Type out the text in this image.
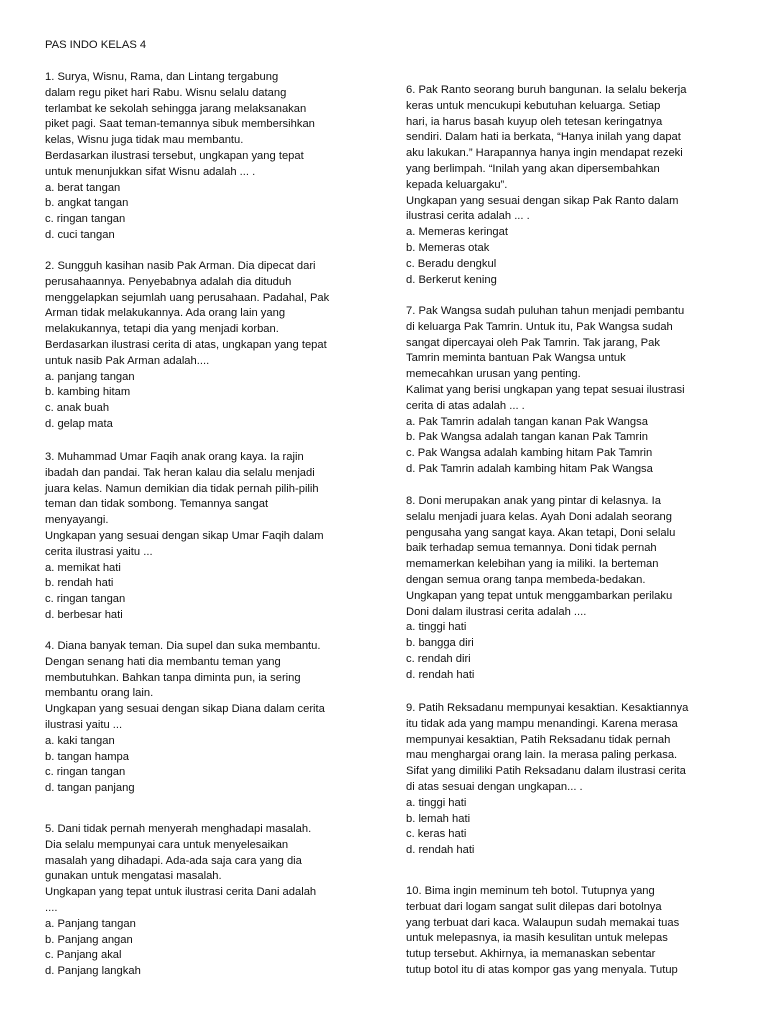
PAS INDO KELAS 4
1. Surya, Wisnu, Rama, dan Lintang tergabung
dalam regu piket hari Rabu. Wisnu selalu datang
terlambat ke sekolah sehingga jarang melaksanakan
piket pagi. Saat teman-temannya sibuk membersihkan
kelas, Wisnu juga tidak mau membantu.
Berdasarkan ilustrasi tersebut, ungkapan yang tepat
untuk menunjukkan sifat Wisnu adalah ... .
a. berat tangan
b. angkat tangan
c. ringan tangan
d. cuci tangan
2. Sungguh kasihan nasib Pak Arman. Dia dipecat dari
perusahaannya. Penyebabnya adalah dia dituduh
menggelapkan sejumlah uang perusahaan. Padahal, Pak
Arman tidak melakukannya. Ada orang lain yang
melakukannya, tetapi dia yang menjadi korban.
Berdasarkan ilustrasi cerita di atas, ungkapan yang tepat
untuk nasib Pak Arman adalah....
a. panjang tangan
b. kambing hitam
c. anak buah
d. gelap mata
3. Muhammad Umar Faqih anak orang kaya. Ia rajin
ibadah dan pandai. Tak heran kalau dia selalu menjadi
juara kelas. Namun demikian dia tidak pernah pilih-pilih
teman dan tidak sombong. Temannya sangat
menyayangi.
Ungkapan yang sesuai dengan sikap Umar Faqih dalam
cerita ilustrasi yaitu ...
a. memikat hati
b. rendah hati
c. ringan tangan
d. berbesar hati
4. Diana banyak teman. Dia supel dan suka membantu.
Dengan senang hati dia membantu teman yang
membutuhkan. Bahkan tanpa diminta pun, ia sering
membantu orang lain.
Ungkapan yang sesuai dengan sikap Diana dalam cerita
ilustrasi yaitu ...
a. kaki tangan
b. tangan hampa
c. ringan tangan
d. tangan panjang
5. Dani tidak pernah menyerah menghadapi masalah.
Dia selalu mempunyai cara untuk menyelesaikan
masalah yang dihadapi. Ada-ada saja cara yang dia
gunakan untuk mengatasi masalah.
Ungkapan yang tepat untuk ilustrasi cerita Dani adalah
....
a. Panjang tangan
b. Panjang angan
c. Panjang akal
d. Panjang langkah
6. Pak Ranto seorang buruh bangunan. Ia selalu bekerja
keras untuk mencukupi kebutuhan keluarga. Setiap
hari, ia harus basah kuyup oleh tetesan keringatnya
sendiri. Dalam hati ia berkata, “Hanya inilah yang dapat
aku lakukan.” Harapannya hanya ingin mendapat rezeki
yang berlimpah. “Inilah yang akan dipersembahkan
kepada keluargaku”.
Ungkapan yang sesuai dengan sikap Pak Ranto dalam
ilustrasi cerita adalah ... .
a. Memeras keringat
b. Memeras otak
c. Beradu dengkul
d. Berkerut kening
7. Pak Wangsa sudah puluhan tahun menjadi pembantu
di keluarga Pak Tamrin. Untuk itu, Pak Wangsa sudah
sangat dipercayai oleh Pak Tamrin. Tak jarang, Pak
Tamrin meminta bantuan Pak Wangsa untuk
memecahkan urusan yang penting.
Kalimat yang berisi ungkapan yang tepat sesuai ilustrasi
cerita di atas adalah ... .
a. Pak Tamrin adalah tangan kanan Pak Wangsa
b. Pak Wangsa adalah tangan kanan Pak Tamrin
c. Pak Wangsa adalah kambing hitam Pak Tamrin
d. Pak Tamrin adalah kambing hitam Pak Wangsa
8. Doni merupakan anak yang pintar di kelasnya. Ia
selalu menjadi juara kelas. Ayah Doni adalah seorang
pengusaha yang sangat kaya. Akan tetapi, Doni selalu
baik terhadap semua temannya. Doni tidak pernah
memamerkan kelebihan yang ia miliki. Ia berteman
dengan semua orang tanpa membeda-bedakan.
Ungkapan yang tepat untuk menggambarkan perilaku
Doni dalam ilustrasi cerita adalah ....
a. tinggi hati
b. bangga diri
c. rendah diri
d. rendah hati
9. Patih Reksadanu mempunyai kesaktian. Kesaktiannya
itu tidak ada yang mampu menandingi. Karena merasa
mempunyai kesaktian, Patih Reksadanu tidak pernah
mau menghargai orang lain. Ia merasa paling perkasa.
Sifat yang dimiliki Patih Reksadanu dalam ilustrasi cerita
di atas sesuai dengan ungkapan... .
a. tinggi hati
b. lemah hati
c. keras hati
d. rendah hati
10. Bima ingin meminum teh botol. Tutupnya yang
terbuat dari logam sangat sulit dilepas dari botolnya
yang terbuat dari kaca. Walaupun sudah memakai tuas
untuk melepasnya, ia masih kesulitan untuk melepas
tutup tersebut. Akhirnya, ia memanaskan sebentar
tutup botol itu di atas kompor gas yang menyala. Tutup
